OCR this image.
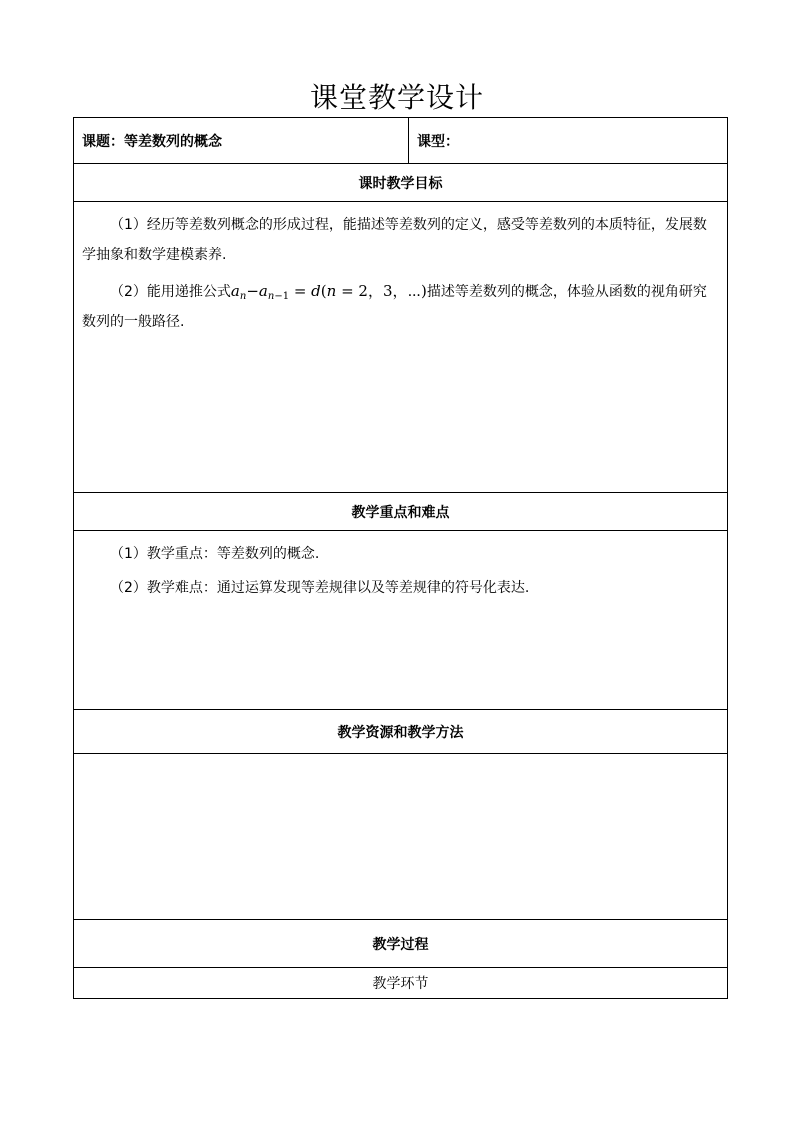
课堂教学设计
课题：等差数列的概念	课型：
课时教学目标

（1）经历等差数列概念的形成过程，能描述等差数列的定义，感受等差数列的本质特征，发展数学抽象和数学建模素养.

（2）能用递推公式$a_n-a_{n-1} = d(n = 2$，3，⋯)描述等差数列的概念，体验从函数的视角研究数列的一般路径.

教学重点和难点

（1）教学重点：等差数列的概念.

（2）教学难点：通过运算发现等差规律以及等差规律的符号化表达.

教学资源和教学方法

教学过程
教学环节
